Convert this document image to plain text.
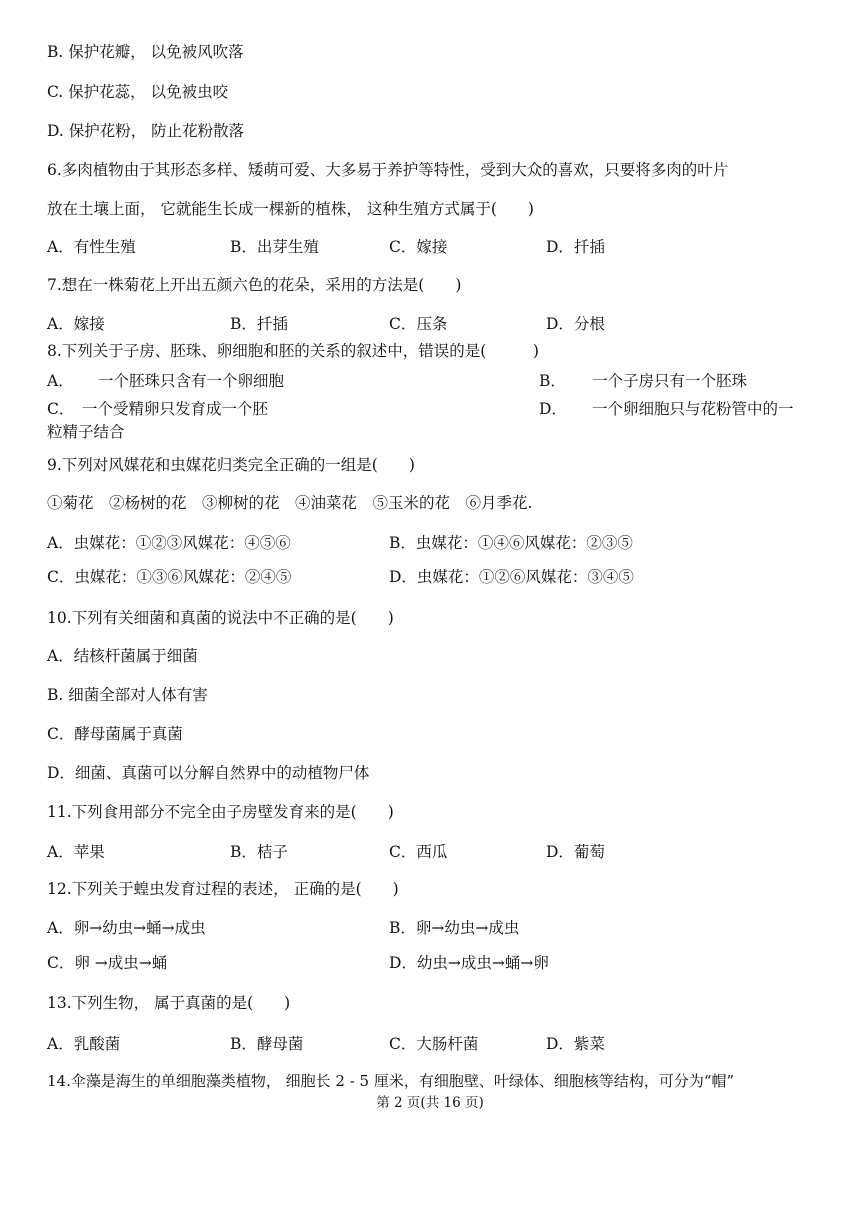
B. 保护花瓣， 以免被风吹落
C. 保护花蕊， 以免被虫咬
D. 保护花粉， 防止花粉散落
6.多肉植物由于其形态多样、矮萌可爱、大多易于养护等特性，受到大众的喜欢，只要将多肉的叶片
放在土壤上面， 它就能生长成一棵新的植株， 这种生殖方式属于(　　)
A．有性生殖	B．出芽生殖	C．嫁接	D．扦插
7.想在一株菊花上开出五颜六色的花朵，采用的方法是(　　)
A．嫁接	B．扦插	C．压条	D．分根
8.下列关于子房、胚珠、卵细胞和胚的关系的叙述中，错误的是(　　　)
A． 一个胚珠只含有一个卵细胞	B． 一个子房只有一个胚珠
C． 一个受精卵只发育成一个胚	D． 一个卵细胞只与花粉管中的一
粒精子结合
9.下列对风媒花和虫媒花归类完全正确的一组是(　　)
①菊花　②杨树的花　③柳树的花　④油菜花　⑤玉米的花　⑥月季花.
A．虫媒花：①②③风媒花：④⑤⑥	B．虫媒花：①④⑥风媒花：②③⑤
C．虫媒花：①③⑥风媒花：②④⑤	D．虫媒花：①②⑥风媒花：③④⑤
10.下列有关细菌和真菌的说法中不正确的是(　　)
A．结核杆菌属于细菌
B. 细菌全部对人体有害
C．酵母菌属于真菌
D．细菌、真菌可以分解自然界中的动植物尸体
11.下列食用部分不完全由子房壁发育来的是(　　)
A．苹果	B．桔子	C．西瓜	D．葡萄
12.下列关于蝗虫发育过程的表述， 正确的是(　　)
A．卵→幼虫→蛹→成虫	B．卵→幼虫→成虫
C．卵 →成虫→蛹	D．幼虫→成虫→蛹→卵
13.下列生物， 属于真菌的是(　　)
A．乳酸菌	B．酵母菌	C．大肠杆菌	D．紫菜
14.伞藻是海生的单细胞藻类植物， 细胞长 2 - 5 厘米，有细胞壁、叶绿体、细胞核等结构，可分为“帽”
第 2 页(共 16 页)
